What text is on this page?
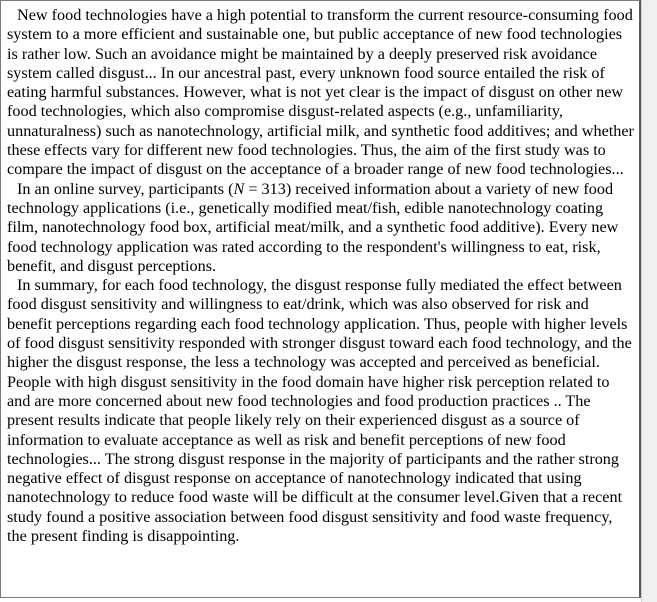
New food technologies have a high potential to transform the current resource-consuming food system to a more efficient and sustainable one, but public acceptance of new food technologies is rather low. Such an avoidance might be maintained by a deeply preserved risk avoidance system called disgust... In our ancestral past, every unknown food source entailed the risk of eating harmful substances. However, what is not yet clear is the impact of disgust on other new food technologies, which also compromise disgust-related aspects (e.g., unfamiliarity, unnaturalness) such as nanotechnology, artificial milk, and synthetic food additives; and whether these effects vary for different new food technologies. Thus, the aim of the first study was to compare the impact of disgust on the acceptance of a broader range of new food technologies...

In an online survey, participants (N = 313) received information about a variety of new food technology applications (i.e., genetically modified meat/fish, edible nanotechnology coating film, nanotechnology food box, artificial meat/milk, and a synthetic food additive). Every new food technology application was rated according to the respondent's willingness to eat, risk, benefit, and disgust perceptions.

In summary, for each food technology, the disgust response fully mediated the effect between food disgust sensitivity and willingness to eat/drink, which was also observed for risk and benefit perceptions regarding each food technology application. Thus, people with higher levels of food disgust sensitivity responded with stronger disgust toward each food technology, and the higher the disgust response, the less a technology was accepted and perceived as beneficial. People with high disgust sensitivity in the food domain have higher risk perception related to and are more concerned about new food technologies and food production practices .. The present results indicate that people likely rely on their experienced disgust as a source of information to evaluate acceptance as well as risk and benefit perceptions of new food technologies... The strong disgust response in the majority of participants and the rather strong negative effect of disgust response on acceptance of nanotechnology indicated that using nanotechnology to reduce food waste will be difficult at the consumer level.Given that a recent study found a positive association between food disgust sensitivity and food waste frequency, the present finding is disappointing.
